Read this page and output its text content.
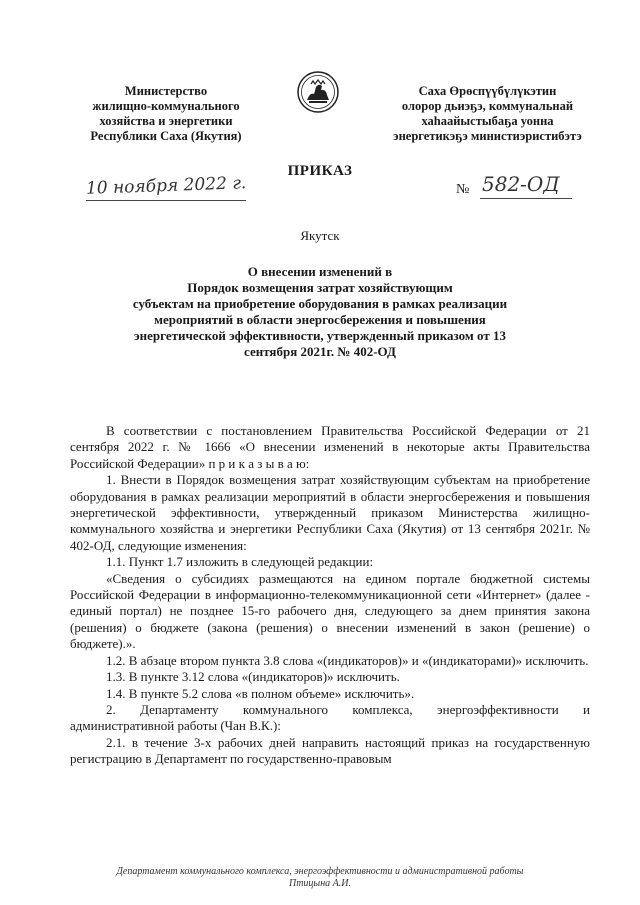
Министерство
жилищно-коммунального
хозяйства и энергетики
Республики Саха (Якутия)
Саха Өрөспүүбүлүкэтин
олорор дьиэҕэ, коммунальнай
хаһаайыстыбаҕа уонна
энергетикэҕэ министиэристибэтэ
ПРИКАЗ
10 ноября 2022 г.	№ 582-ОД
Якутск
О внесении изменений в
Порядок возмещения затрат хозяйствующим
субъектам на приобретение оборудования в рамках реализации
мероприятий в области энергосбережения и повышения
энергетической эффективности, утвержденный приказом от 13
сентября 2021г. № 402-ОД

В соответствии с постановлением Правительства Российской Федерации от 21 сентября 2022 г. № 1666 «О внесении изменений в некоторые акты Правительства Российской Федерации» п р и к а з ы в а ю:

1. Внести в Порядок возмещения затрат хозяйствующим субъектам на приобретение оборудования в рамках реализации мероприятий в области энергосбережения и повышения энергетической эффективности, утвержденный приказом Министерства жилищно-коммунального хозяйства и энергетики Республики Саха (Якутия) от 13 сентября 2021г. № 402-ОД, следующие изменения:

1.1. Пункт 1.7 изложить в следующей редакции:

«Сведения о субсидиях размещаются на едином портале бюджетной системы Российской Федерации в информационно-телекоммуникационной сети «Интернет» (далее - единый портал) не позднее 15-го рабочего дня, следующего за днем принятия закона (решения) о бюджете (закона (решения) о внесении изменений в закон (решение) о бюджете).».

1.2. В абзаце втором пункта 3.8 слова «(индикаторов)» и «(индикаторами)» исключить.

1.3. В пункте 3.12 слова «(индикаторов)» исключить.

1.4. В пункте 5.2 слова «в полном объеме» исключить».

2. Департаменту коммунального комплекса, энергоэффективности и административной работы (Чан В.К.):

2.1. в течение 3-х рабочих дней направить настоящий приказ на государственную регистрацию в Департамент по государственно-правовым

Департамент коммунального комплекса, энергоэффективности и административной работы
Птицына А.И.
